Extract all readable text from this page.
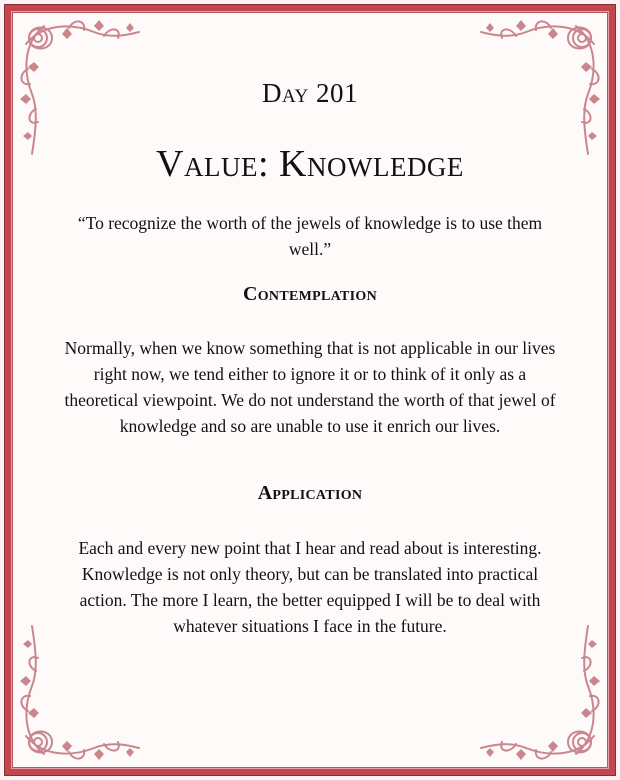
Day 201
Value: Knowledge
“To recognize the worth of the jewels of knowledge is to use them well.”
Contemplation
Normally, when we know something that is not applicable in our lives right now, we tend either to ignore it or to think of it only as a theoretical viewpoint. We do not understand the worth of that jewel of knowledge and so are unable to use it enrich our lives.
Application
Each and every new point that I hear and read about is interesting. Knowledge is not only theory, but can be translated into practical action. The more I learn, the better equipped I will be to deal with whatever situations I face in the future.
